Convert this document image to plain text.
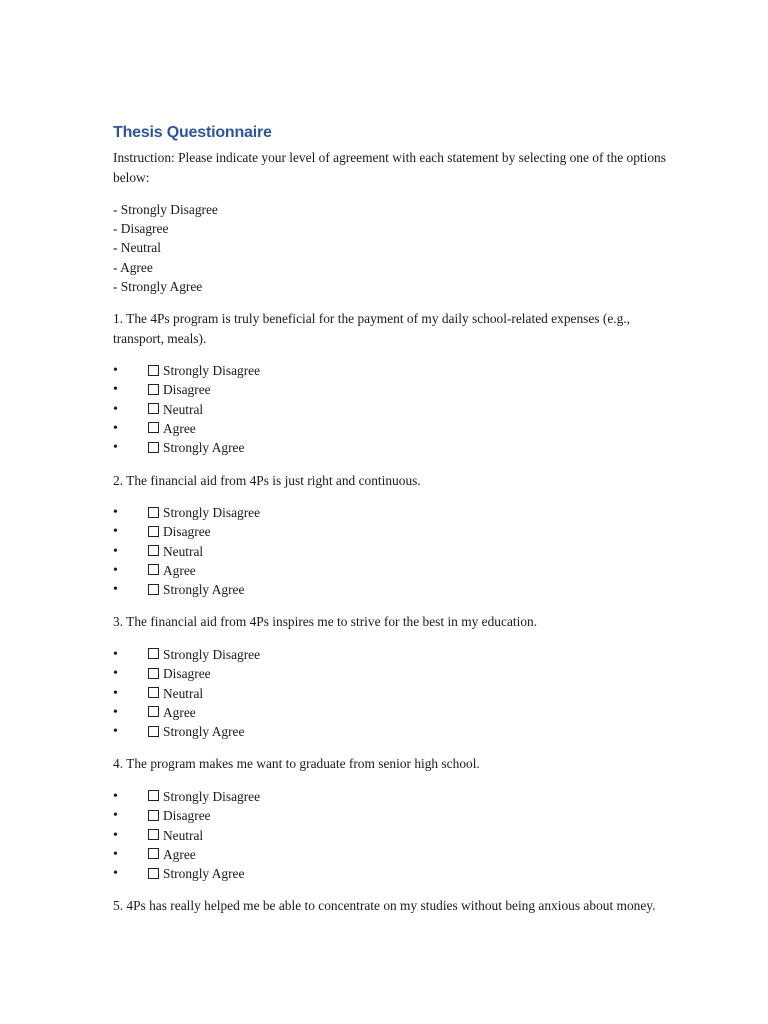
Thesis Questionnaire

Instruction: Please indicate your level of agreement with each statement by selecting one of the options below:

- Strongly Disagree
- Disagree
- Neutral
- Agree
- Strongly Agree

1. The 4Ps program is truly beneficial for the payment of my daily school-related expenses (e.g., transport, meals).

•	Strongly Disagree
•	Disagree
•	Neutral
•	Agree
•	Strongly Agree

2. The financial aid from 4Ps is just right and continuous.

•	Strongly Disagree
•	Disagree
•	Neutral
•	Agree
•	Strongly Agree

3. The financial aid from 4Ps inspires me to strive for the best in my education.

•	Strongly Disagree
•	Disagree
•	Neutral
•	Agree
•	Strongly Agree

4. The program makes me want to graduate from senior high school.

•	Strongly Disagree
•	Disagree
•	Neutral
•	Agree
•	Strongly Agree

5. 4Ps has really helped me be able to concentrate on my studies without being anxious about money.
